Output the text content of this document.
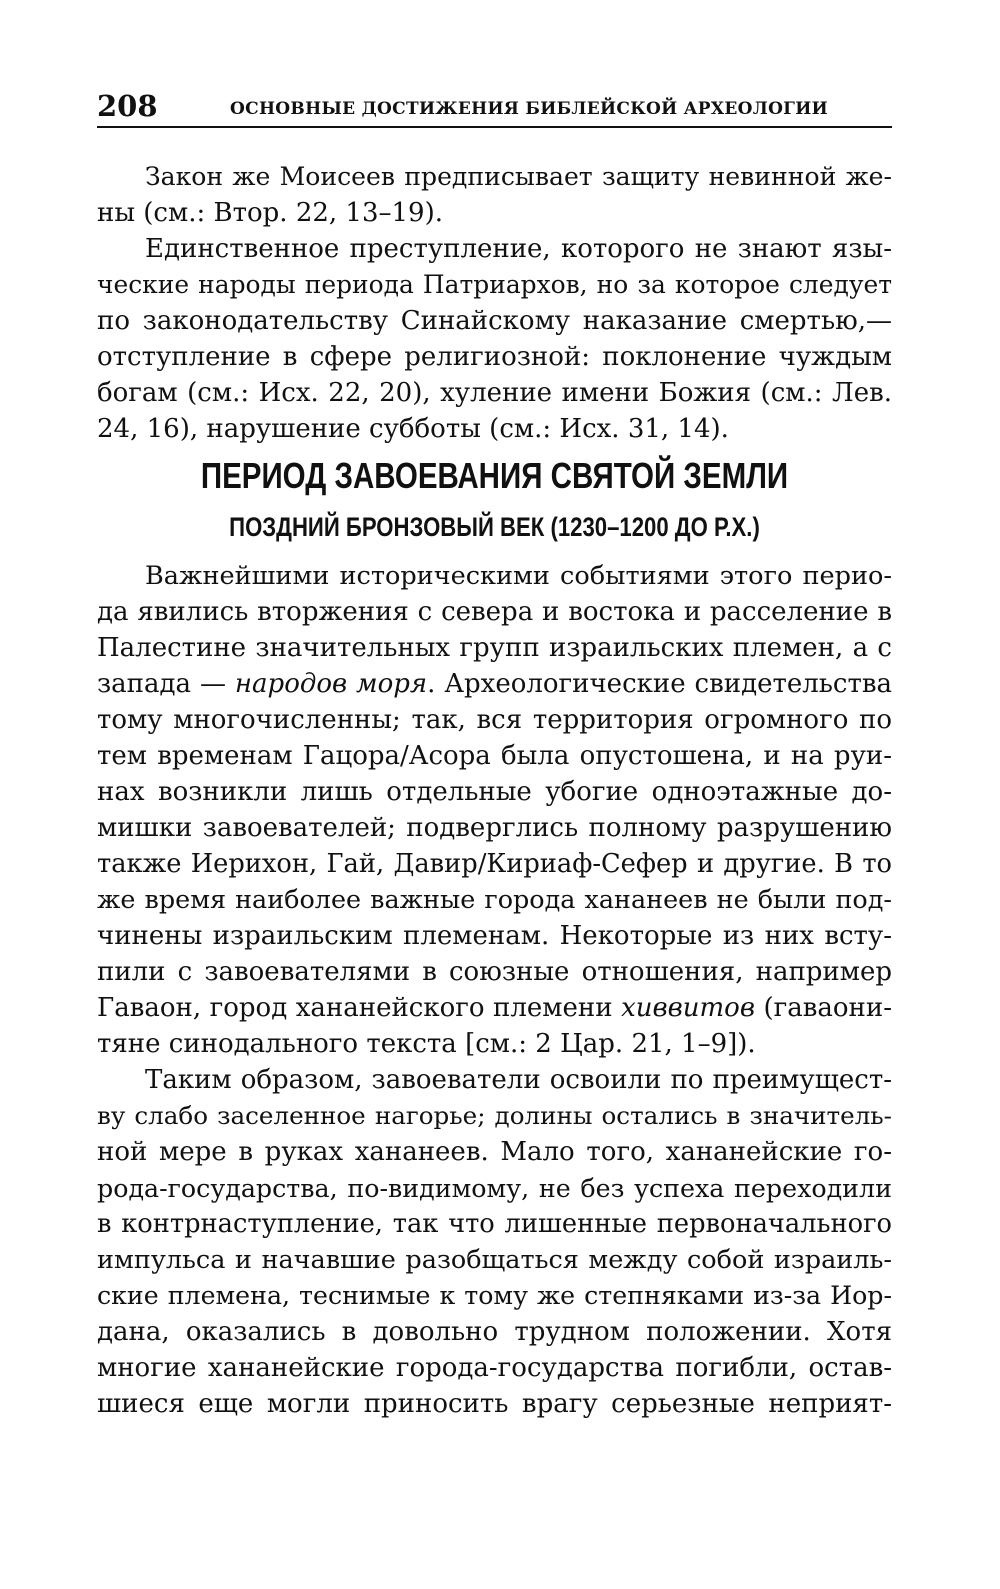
208	ОСНОВНЫЕ ДОСТИЖЕНИЯ БИБЛЕЙСКОЙ АРХЕОЛОГИИ
Закон же Моисеев предписывает защиту невинной же-
ны (см.: Втор. 22, 13–19).
Единственное преступление, которого не знают язы-
ческие народы периода Патриархов, но за которое следует
по законодательству Синайскому наказание смертью,—
отступление в сфере религиозной: поклонение чуждым
богам (см.: Исх. 22, 20), хуление имени Божия (см.: Лев.
24, 16), нарушение субботы (см.: Исх. 31, 14).
ПЕРИОД ЗАВОЕВАНИЯ СВЯТОЙ ЗЕМЛИ
ПОЗДНИЙ БРОНЗОВЫЙ ВЕК (1230–1200 ДО Р.Х.)
Важнейшими историческими событиями этого перио-
да явились вторжения с севера и востока и расселение в
Палестине значительных групп израильских племен, а с
запада — народов моря. Археологические свидетельства
тому многочисленны; так, вся территория огромного по
тем временам Гацора/Асора была опустошена, и на руи-
нах возникли лишь отдельные убогие одноэтажные до-
мишки завоевателей; подверглись полному разрушению
также Иерихон, Гай, Давир/Кириаф-Сефер и другие. В то
же время наиболее важные города хананеев не были под-
чинены израильским племенам. Некоторые из них всту-
пили с завоевателями в союзные отношения, например
Гаваон, город хананейского племени хиввитов (гаваони-
тяне синодального текста [см.: 2 Цар. 21, 1–9]).
Таким образом, завоеватели освоили по преимущест-
ву слабо заселенное нагорье; долины остались в значитель-
ной мере в руках хананеев. Мало того, хананейские го-
рода-государства, по-видимому, не без успеха переходили
в контрнаступление, так что лишенные первоначального
импульса и начавшие разобщаться между собой израиль-
ские племена, теснимые к тому же степняками из-за Иор-
дана, оказались в довольно трудном положении. Хотя
многие хананейские города-государства погибли, остав-
шиеся еще могли приносить врагу серьезные неприят-
